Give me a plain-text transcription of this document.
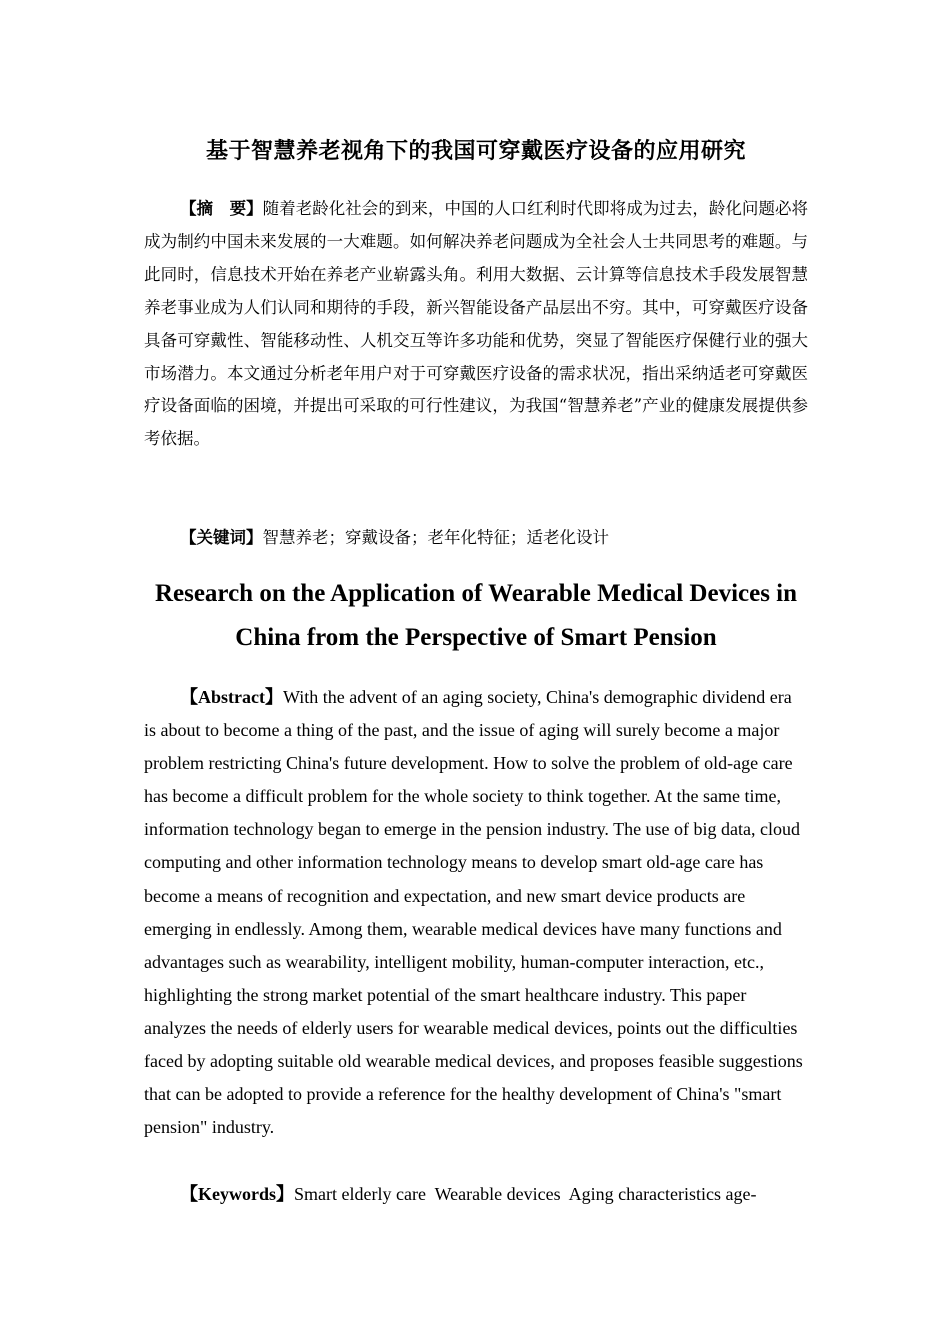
基于智慧养老视角下的我国可穿戴医疗设备的应用研究

【摘　要】随着老龄化社会的到来，中国的人口红利时代即将成为过去，龄化问题必将成为制约中国未来发展的一大难题。如何解决养老问题成为全社会人士共同思考的难题。与此同时，信息技术开始在养老产业崭露头角。利用大数据、云计算等信息技术手段发展智慧养老事业成为人们认同和期待的手段，新兴智能设备产品层出不穷。其中，可穿戴医疗设备具备可穿戴性、智能移动性、人机交互等许多功能和优势，突显了智能医疗保健行业的强大市场潜力。本文通过分析老年用户对于可穿戴医疗设备的需求状况，指出采纳适老可穿戴医疗设备面临的困境，并提出可采取的可行性建议，为我国“智慧养老”产业的健康发展提供参考依据。

【关键词】智慧养老；穿戴设备；老年化特征；适老化设计

Research on the Application of Wearable Medical Devices in China from the Perspective of Smart Pension

【Abstract】With the advent of an aging society, China's demographic dividend era is about to become a thing of the past, and the issue of aging will surely become a major problem restricting China's future development. How to solve the problem of old-age care has become a difficult problem for the whole society to think together. At the same time, information technology began to emerge in the pension industry. The use of big data, cloud computing and other information technology means to develop smart old-age care has become a means of recognition and expectation, and new smart device products are emerging in endlessly. Among them, wearable medical devices have many functions and advantages such as wearability, intelligent mobility, human-computer interaction, etc., highlighting the strong market potential of the smart healthcare industry. This paper analyzes the needs of elderly users for wearable medical devices, points out the difficulties faced by adopting suitable old wearable medical devices, and proposes feasible suggestions that can be adopted to provide a reference for the healthy development of China's "smart pension" industry.

【Keywords】Smart elderly care  Wearable devices  Aging characteristics age-
